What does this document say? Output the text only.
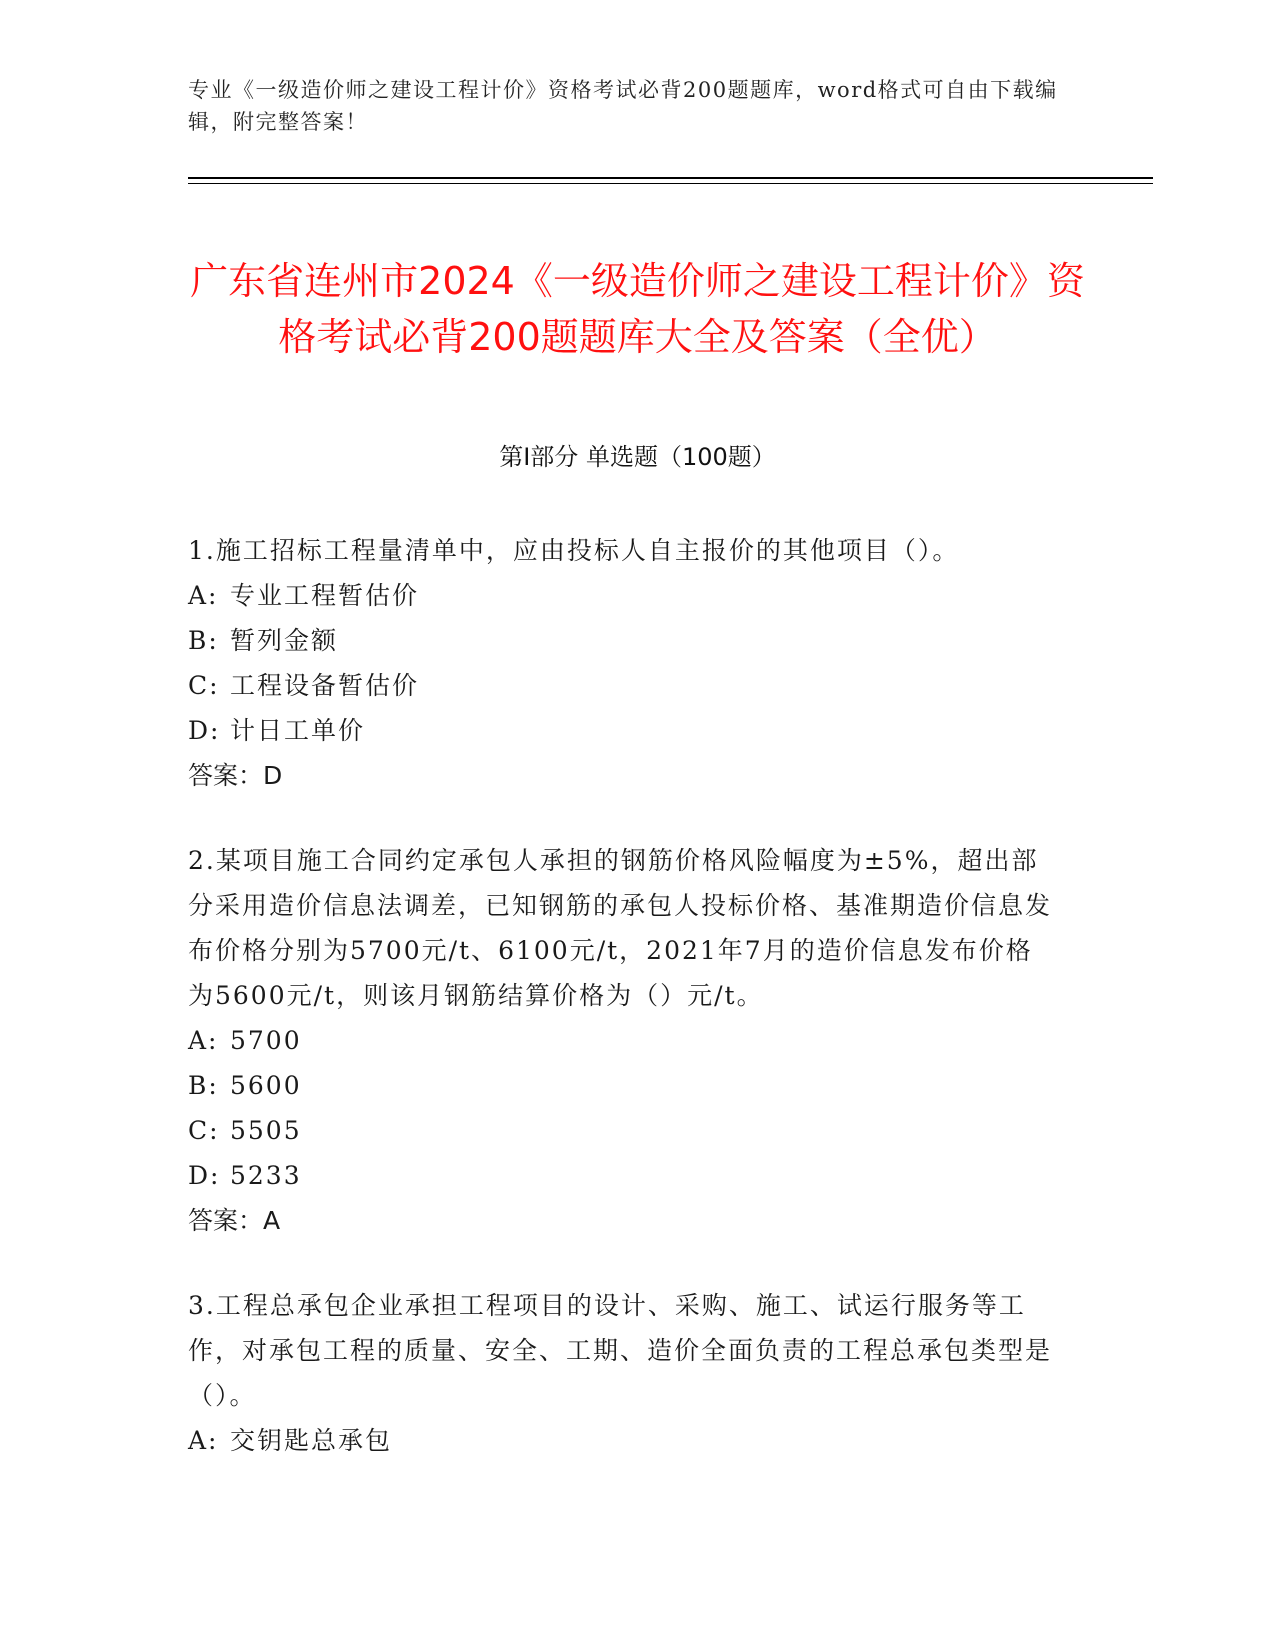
专业《一级造价师之建设工程计价》资格考试必背200题题库，word格式可自由下载编辑，附完整答案！
广东省连州市2024《一级造价师之建设工程计价》资格考试必背200题题库大全及答案（全优）
第I部分 单选题（100题）

1.施工招标工程量清单中，应由投标人自主报价的其他项目（）。

A: 专业工程暂估价

B: 暂列金额

C: 工程设备暂估价

D: 计日工单价

答案：D

2.某项目施工合同约定承包人承担的钢筋价格风险幅度为±5%，超出部分采用造价信息法调差，已知钢筋的承包人投标价格、基准期造价信息发布价格分别为5700元/t、6100元/t，2021年7月的造价信息发布价格为5600元/t，则该月钢筋结算价格为（）元/t。

A: 5700

B: 5600

C: 5505

D: 5233

答案：A

3.工程总承包企业承担工程项目的设计、采购、施工、试运行服务等工作，对承包工程的质量、安全、工期、造价全面负责的工程总承包类型是（）。

A: 交钥匙总承包
